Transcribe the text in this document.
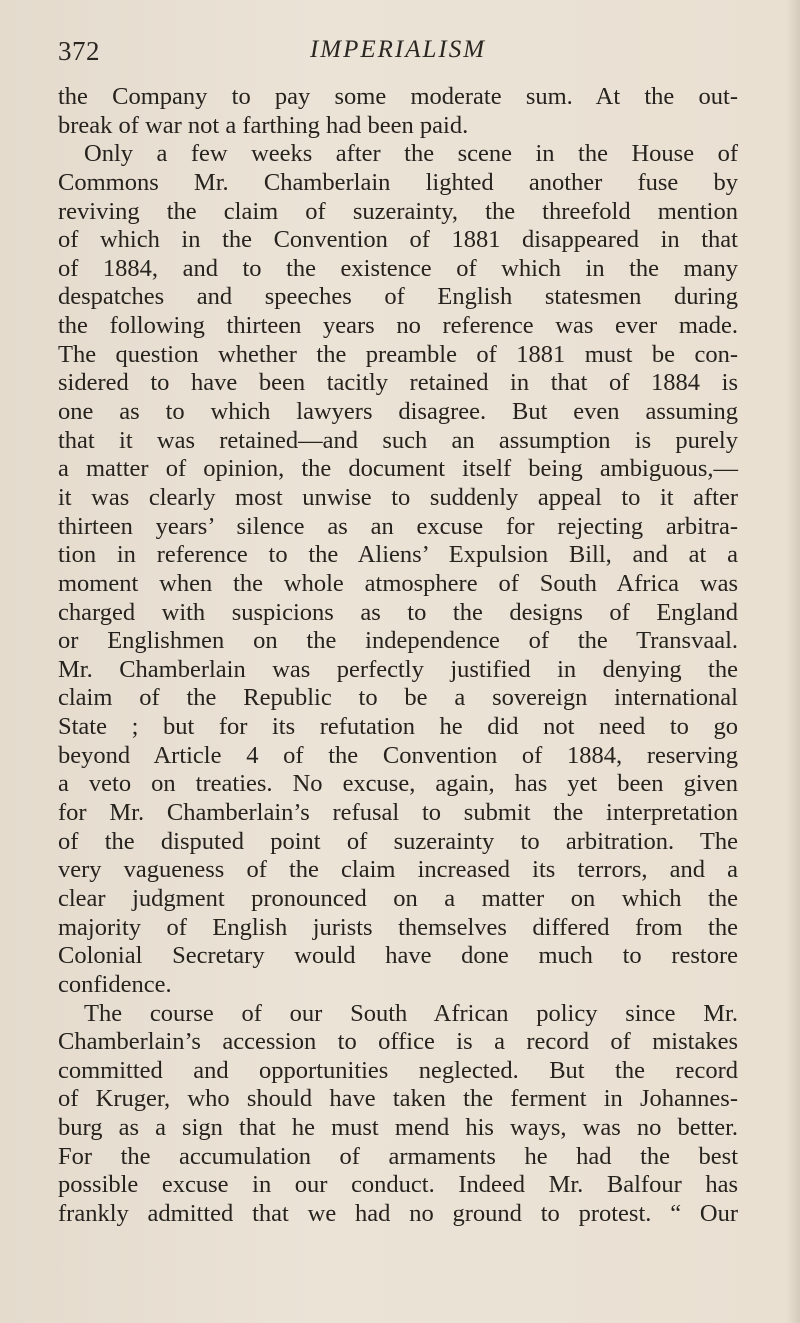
372	IMPERIALISM
the Company to pay some moderate sum. At the out-
break of war not a farthing had been paid.
Only a few weeks after the scene in the House of
Commons Mr. Chamberlain lighted another fuse by
reviving the claim of suzerainty, the threefold mention
of which in the Convention of 1881 disappeared in that
of 1884, and to the existence of which in the many
despatches and speeches of English statesmen during
the following thirteen years no reference was ever made.
The question whether the preamble of 1881 must be con-
sidered to have been tacitly retained in that of 1884 is
one as to which lawyers disagree. But even assuming
that it was retained—and such an assumption is purely
a matter of opinion, the document itself being ambiguous,—
it was clearly most unwise to suddenly appeal to it after
thirteen years’ silence as an excuse for rejecting arbitra-
tion in reference to the Aliens’ Expulsion Bill, and at a
moment when the whole atmosphere of South Africa was
charged with suspicions as to the designs of England
or Englishmen on the independence of the Transvaal.
Mr. Chamberlain was perfectly justified in denying the
claim of the Republic to be a sovereign international
State ; but for its refutation he did not need to go
beyond Article 4 of the Convention of 1884, reserving
a veto on treaties. No excuse, again, has yet been given
for Mr. Chamberlain’s refusal to submit the interpretation
of the disputed point of suzerainty to arbitration. The
very vagueness of the claim increased its terrors, and a
clear judgment pronounced on a matter on which the
majority of English jurists themselves differed from the
Colonial Secretary would have done much to restore
confidence.
The course of our South African policy since Mr.
Chamberlain’s accession to office is a record of mistakes
committed and opportunities neglected. But the record
of Kruger, who should have taken the ferment in Johannes-
burg as a sign that he must mend his ways, was no better.
For the accumulation of armaments he had the best
possible excuse in our conduct. Indeed Mr. Balfour has
frankly admitted that we had no ground to protest. “ Our
